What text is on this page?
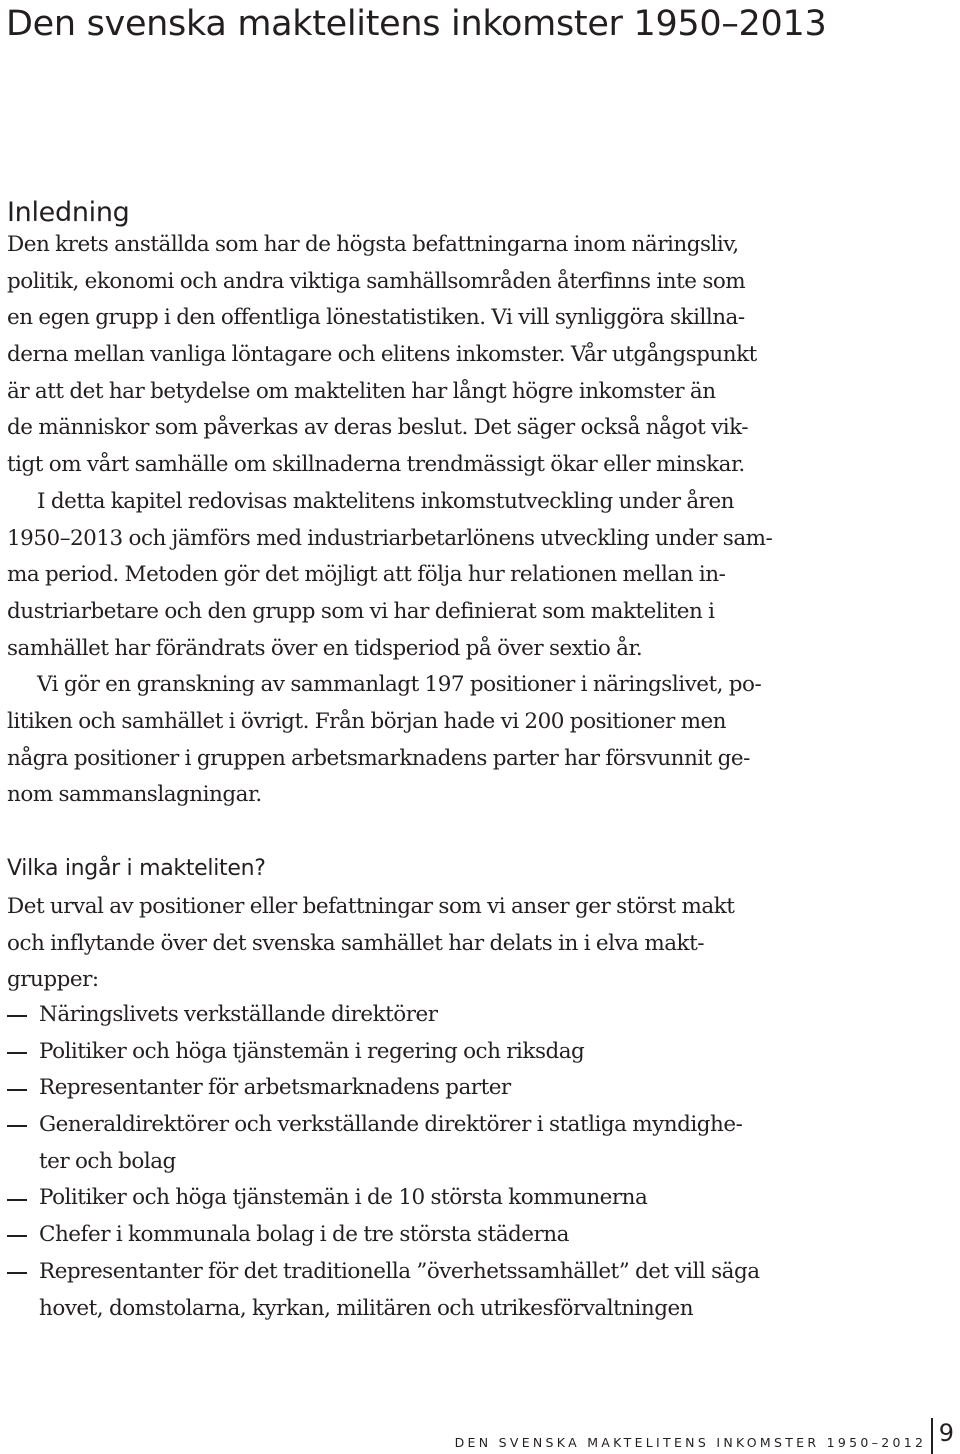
Den svenska maktelitens inkomster 1950–2013
Inledning
Den krets anställda som har de högsta befattningarna inom näringsliv,
politik, ekonomi och andra viktiga samhällsområden återfinns inte som
en egen grupp i den offentliga lönestatistiken. Vi vill synliggöra skillna-
derna mellan vanliga löntagare och elitens inkomster. Vår utgångspunkt
är att det har betydelse om makteliten har långt högre inkomster än
de människor som påverkas av deras beslut. Det säger också något vik-
tigt om vårt samhälle om skillnaderna trendmässigt ökar eller minskar.
I detta kapitel redovisas maktelitens inkomstutveckling under åren
1950–2013 och jämförs med industriarbetarlönens utveckling under sam-
ma period. Metoden gör det möjligt att följa hur relationen mellan in-
dustriarbetare och den grupp som vi har definierat som makteliten i
samhället har förändrats över en tidsperiod på över sextio år.
Vi gör en granskning av sammanlagt 197 positioner i näringslivet, po-
litiken och samhället i övrigt. Från början hade vi 200 positioner men
några positioner i gruppen arbetsmarknadens parter har försvunnit ge-
nom sammanslagningar.
Vilka ingår i makteliten?
Det urval av positioner eller befattningar som vi anser ger störst makt
och inflytande över det svenska samhället har delats in i elva makt-
grupper:
Näringslivets verkställande direktörer
Politiker och höga tjänstemän i regering och riksdag
Representanter för arbetsmarknadens parter
Generaldirektörer och verkställande direktörer i statliga myndighe-
ter och bolag
Politiker och höga tjänstemän i de 10 största kommunerna
Chefer i kommunala bolag i de tre största städerna
Representanter för det traditionella ”överhetssamhället” det vill säga
hovet, domstolarna, kyrkan, militären och utrikesförvaltningen
DEN SVENSKA MAKTELITENS INKOMSTER 1950–2012 9
